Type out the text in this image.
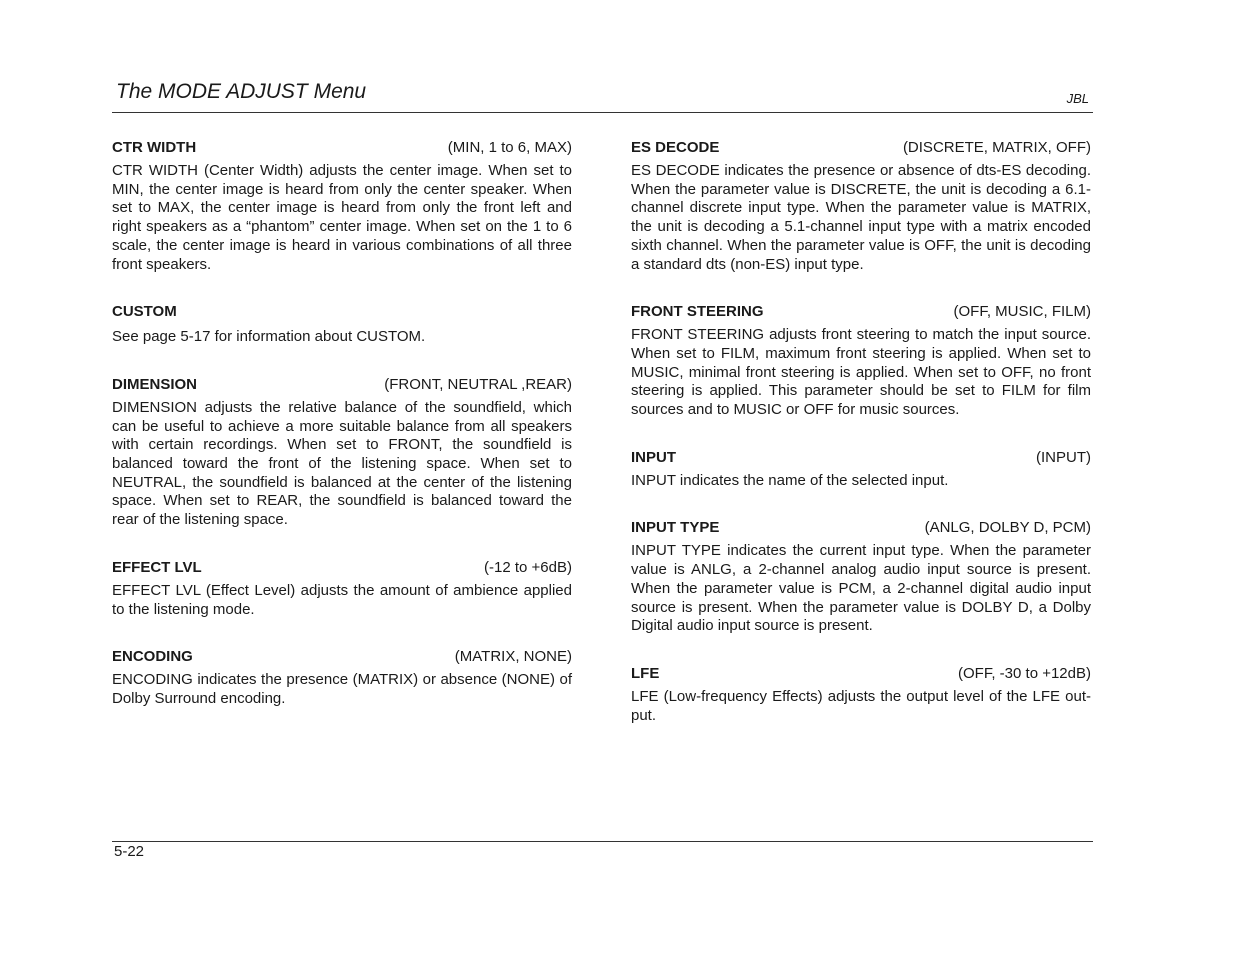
The MODE ADJUST Menu	JBL
CTR WIDTH	(MIN, 1 to 6, MAX)

CTR WIDTH (Center Width) adjusts the center image. When set to MIN, the center image is heard from only the center speaker. When set to MAX, the center image is heard from only the front left and right speakers as a “phantom” center image. When set on the 1 to 6 scale, the center image is heard in various combinations of all three front speakers.

CUSTOM

See page 5-17 for information about CUSTOM.

DIMENSION	(FRONT, NEUTRAL ,REAR)

DIMENSION adjusts the relative balance of the soundfield, which can be useful to achieve a more suitable balance from all speakers with certain recordings. When set to FRONT, the soundfield is balanced toward the front of the listening space. When set to NEUTRAL, the soundfield is balanced at the center of the listening space. When set to REAR, the soundfield is balanced toward the rear of the listening space.

EFFECT LVL	(-12 to +6dB)

EFFECT LVL (Effect Level) adjusts the amount of ambience applied to the listening mode.

ENCODING	(MATRIX, NONE)

ENCODING indicates the presence (MATRIX) or absence (NONE) of Dolby Surround encoding.

ES DECODE	(DISCRETE, MATRIX, OFF)

ES DECODE indicates the presence or absence of dts-ES decoding. When the parameter value is DISCRETE, the unit is decoding a 6.1-channel discrete input type. When the parameter value is MATRIX, the unit is decoding a 5.1-channel input type with a matrix encoded sixth channel. When the parameter value is OFF, the unit is decoding a standard dts (non-ES) input type.

FRONT STEERING	(OFF, MUSIC, FILM)

FRONT STEERING adjusts front steering to match the input source. When set to FILM, maximum front steering is applied. When set to MUSIC, minimal front steering is applied. When set to OFF, no front steering is applied. This parameter should be set to FILM for film sources and to MUSIC or OFF for music sources.

INPUT	(INPUT)

INPUT indicates the name of the selected input.

INPUT TYPE	(ANLG, DOLBY D, PCM)

INPUT TYPE indicates the current input type. When the parameter value is ANLG, a 2-channel analog audio input source is present. When the parameter value is PCM, a 2-channel digital audio input source is present. When the parameter value is DOLBY D, a Dolby Digital audio input source is present.

LFE	(OFF, -30 to +12dB)

LFE (Low-frequency Effects) adjusts the output level of the LFE out-put.

5-22
